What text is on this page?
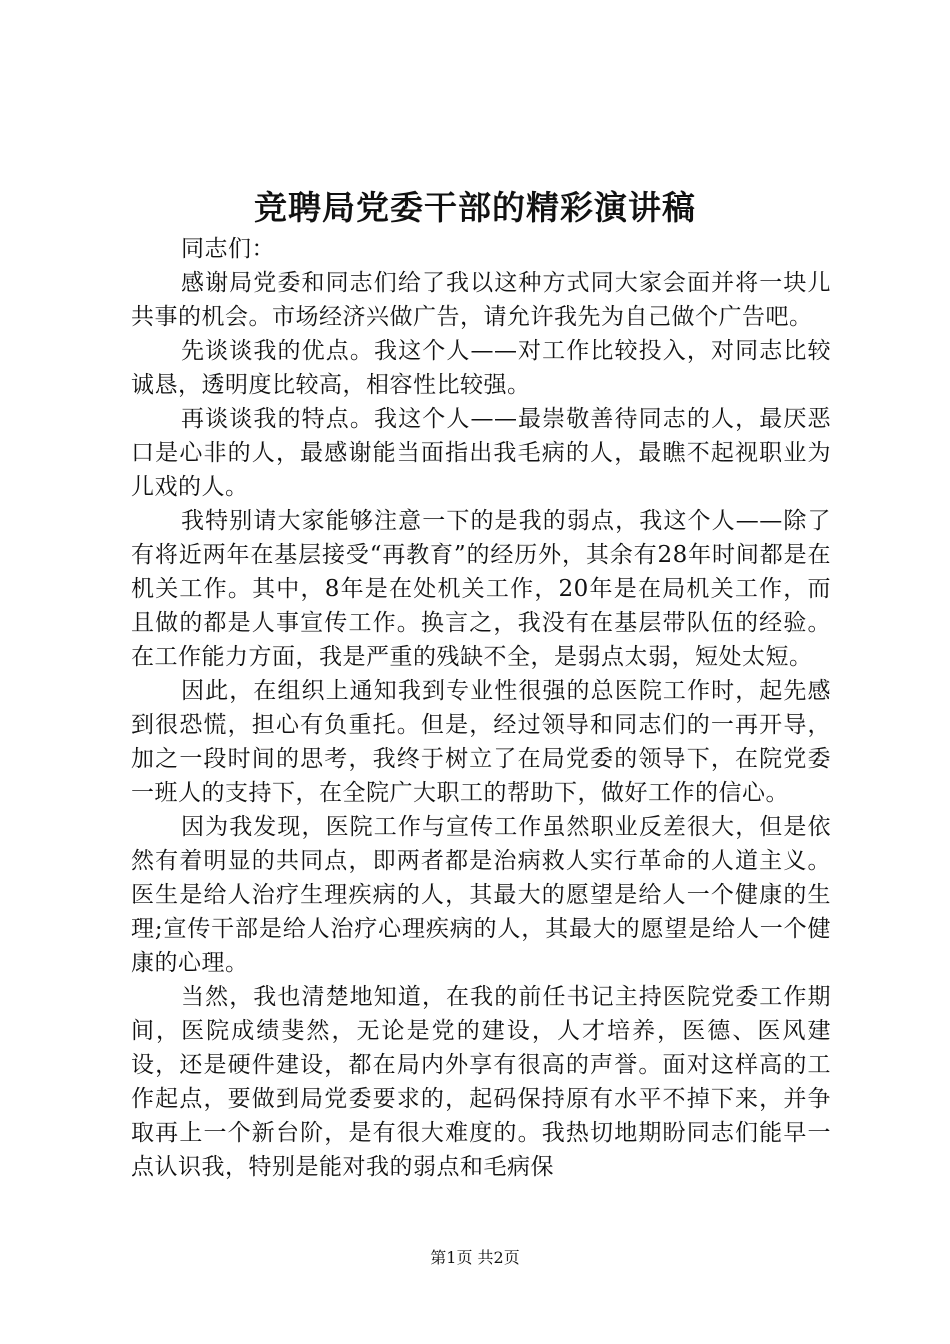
竞聘局党委干部的精彩演讲稿

同志们：

感谢局党委和同志们给了我以这种方式同大家会面并将一块儿共事的机会。市场经济兴做广告，请允许我先为自己做个广告吧。

先谈谈我的优点。我这个人——对工作比较投入，对同志比较诚恳，透明度比较高，相容性比较强。

再谈谈我的特点。我这个人——最崇敬善待同志的人，最厌恶口是心非的人，最感谢能当面指出我毛病的人，最瞧不起视职业为儿戏的人。

我特别请大家能够注意一下的是我的弱点，我这个人——除了有将近两年在基层接受“再教育”的经历外，其余有28年时间都是在机关工作。其中，8年是在处机关工作，20年是在局机关工作，而且做的都是人事宣传工作。换言之，我没有在基层带队伍的经验。在工作能力方面，我是严重的残缺不全，是弱点太弱，短处太短。

因此，在组织上通知我到专业性很强的总医院工作时，起先感到很恐慌，担心有负重托。但是，经过领导和同志们的一再开导，加之一段时间的思考，我终于树立了在局党委的领导下，在院党委一班人的支持下，在全院广大职工的帮助下，做好工作的信心。

因为我发现，医院工作与宣传工作虽然职业反差很大，但是依然有着明显的共同点，即两者都是治病救人实行革命的人道主义。医生是给人治疗生理疾病的人，其最大的愿望是给人一个健康的生理;宣传干部是给人治疗心理疾病的人，其最大的愿望是给人一个健康的心理。

当然，我也清楚地知道，在我的前任书记主持医院党委工作期间，医院成绩斐然，无论是党的建设，人才培养，医德、医风建设，还是硬件建设，都在局内外享有很高的声誉。面对这样高的工作起点，要做到局党委要求的，起码保持原有水平不掉下来，并争取再上一个新台阶，是有很大难度的。我热切地期盼同志们能早一点认识我，特别是能对我的弱点和毛病保

第1页 共2页
